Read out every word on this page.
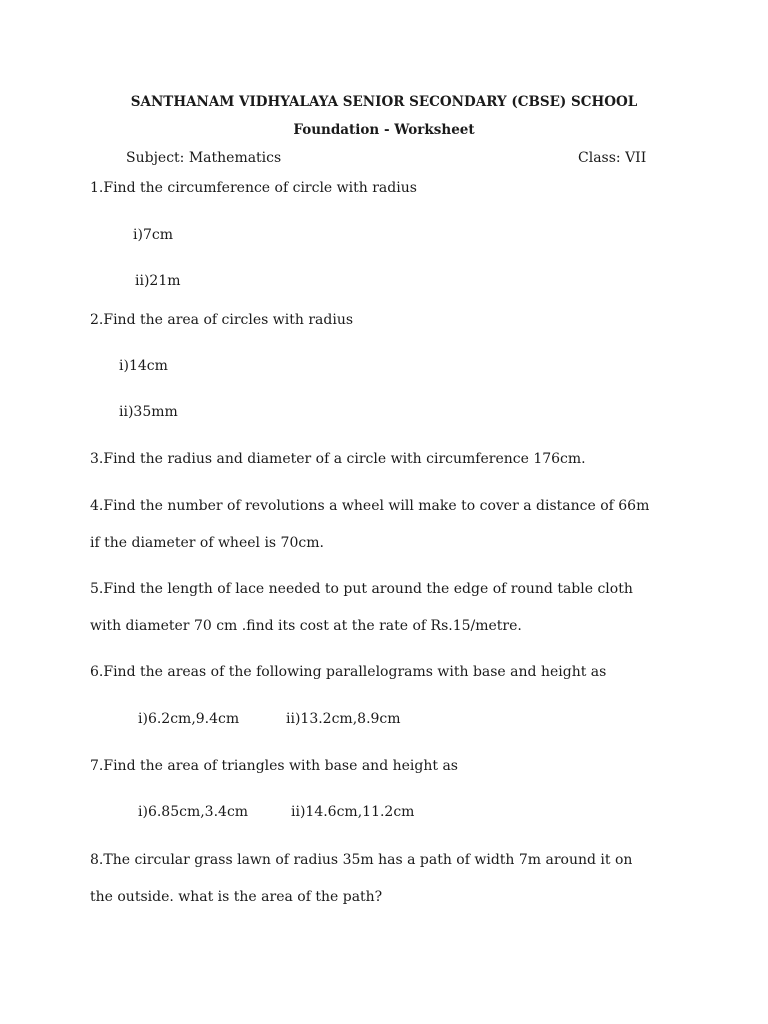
SANTHANAM VIDHYALAYA SENIOR SECONDARY (CBSE) SCHOOL
Foundation - Worksheet
Subject: Mathematics	Class: VII
1.Find the circumference of circle with radius
i)7cm
ii)21m
2.Find the area of circles with radius
i)14cm
ii)35mm
3.Find the radius and diameter of a circle with circumference 176cm.
4.Find the number of revolutions a wheel will make to cover a distance of 66m
if the diameter of wheel is 70cm.
5.Find the length of lace needed to put around the edge of round table cloth
with diameter 70 cm .find its cost at the rate of Rs.15/metre.
6.Find the areas of the following parallelograms with base and height as
i)6.2cm,9.4cm	ii)13.2cm,8.9cm
7.Find the area of triangles with base and height as
i)6.85cm,3.4cm	ii)14.6cm,11.2cm
8.The circular grass lawn of radius 35m has a path of width 7m around it on
the outside. what is the area of the path?
